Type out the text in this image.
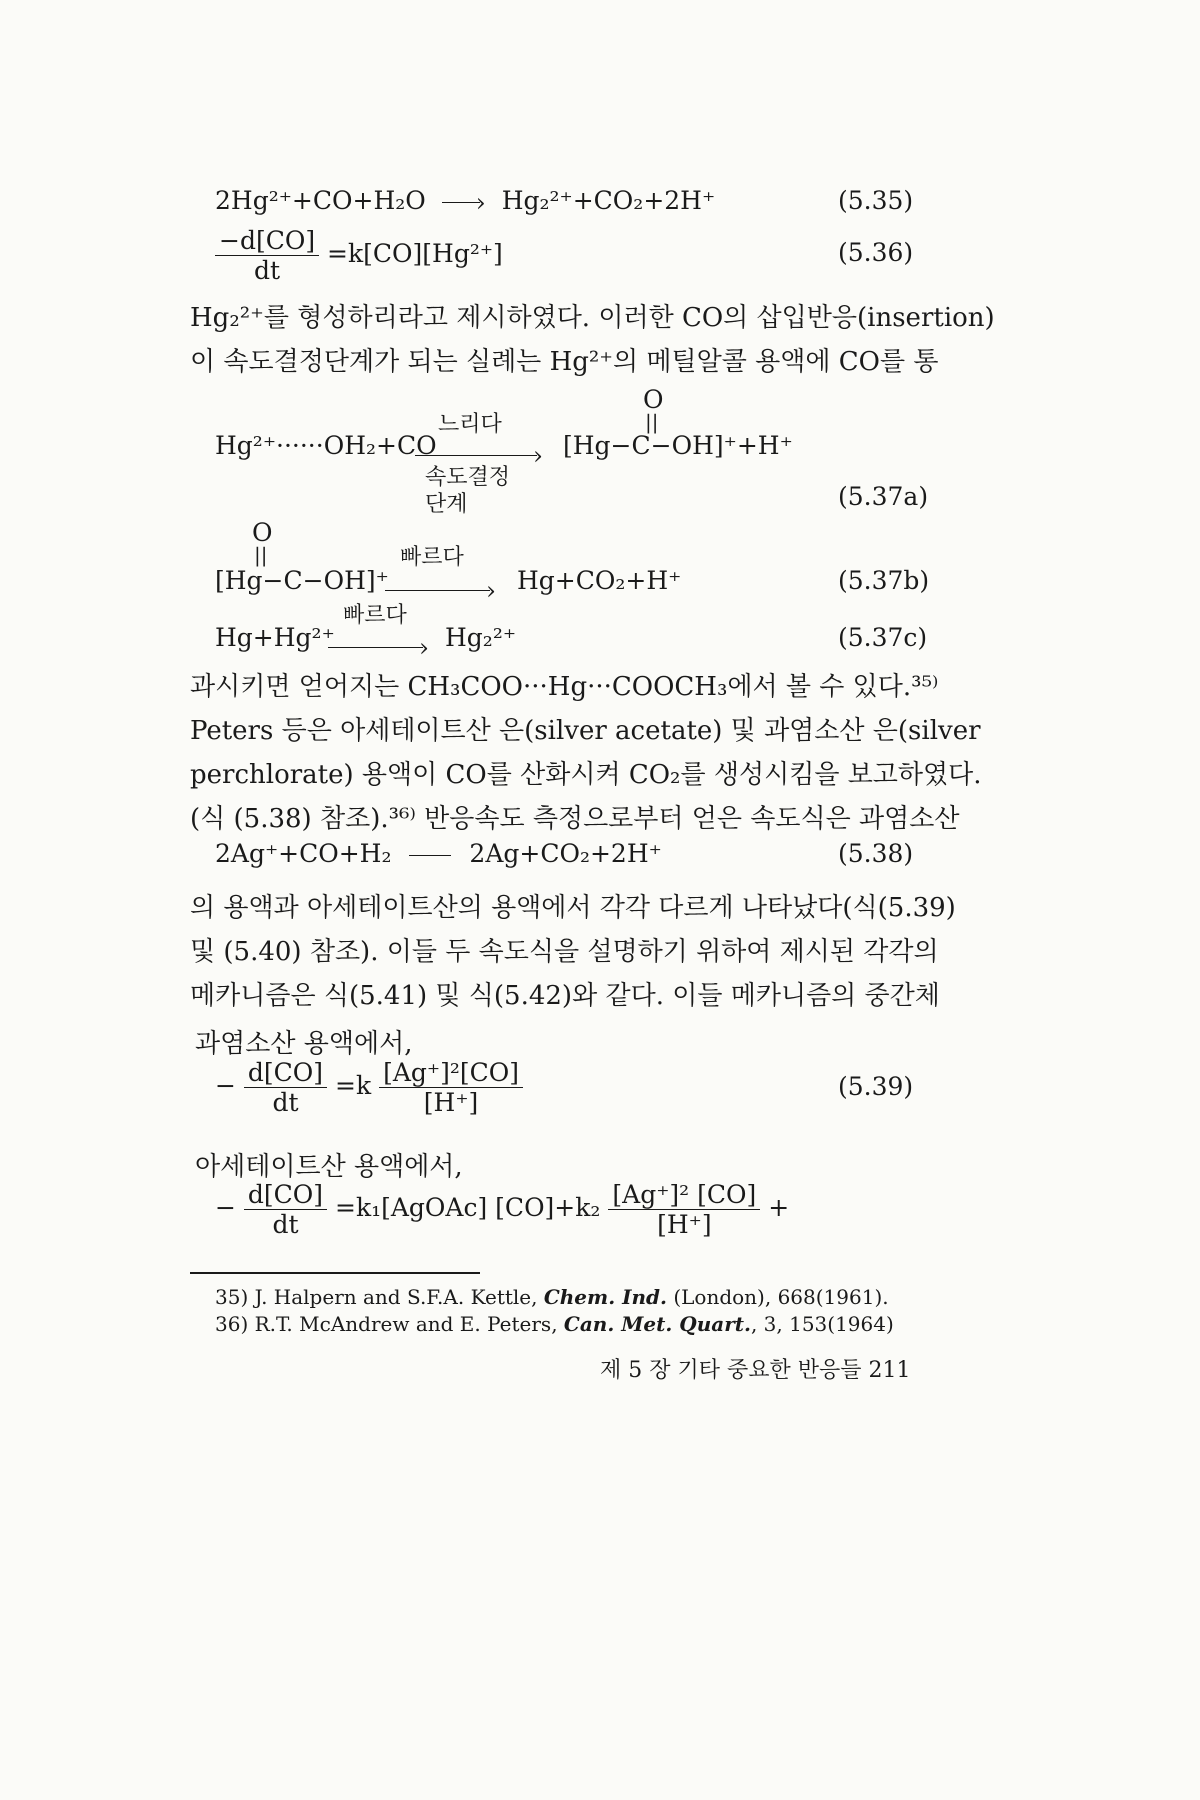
2Hg²⁺+CO+H₂O › Hg₂²⁺+CO₂+2H⁺	(5.35)
$\frac{-d[CO]}{dt} =k[CO][Hg^{2+}]$	(5.36)
Hg₂²⁺를 형성하리라고 제시하였다. 이러한 CO의 삽입반응(insertion)
이 속도결정단계가 되는 실례는 Hg²⁺의 메틸알콜 용액에 CO를 통
O
||
느리다
Hg²⁺······OH₂+CO	› [Hg−C−OH]⁺+H⁺
속도결정
단계	(5.37a)
O
||	빠르다
[Hg−C−OH]⁺	› Hg+CO₂+H⁺	(5.37b)
빠르다
Hg+Hg²⁺	› Hg₂²⁺	(5.37c)
과시키면 얻어지는 CH₃COO···Hg···COOCH₃에서 볼 수 있다.³⁵⁾
Peters 등은 아세테이트산 은(silver acetate) 및 과염소산 은(silver
perchlorate) 용액이 CO를 산화시켜 CO₂를 생성시킴을 보고하였다.
(식 (5.38) 참조).³⁶⁾ 반응속도 측정으로부터 얻은 속도식은 과염소산
2Ag⁺+CO+H₂	2Ag+CO₂+2H⁺	(5.38)
의 용액과 아세테이트산의 용액에서 각각 다르게 나타났다(식(5.39)
및 (5.40) 참조). 이들 두 속도식을 설명하기 위하여 제시된 각각의
메카니즘은 식(5.41) 및 식(5.42)와 같다. 이들 메카니즘의 중간체
과염소산 용액에서,
− $\frac{d[CO]}{dt} =k \frac{\text{[Ag⁺]²[CO]}}{[H^+]}$	(5.39)
아세테이트산 용액에서,
− $\frac{d[CO]}{dt}$ =k₁[AgOAc] $[CO]+k_2 \frac{\text{[Ag⁺]² [CO]}}{[H^+]}$ +
35) J. Halpern and S.F.A. Kettle, Chem. Ind. (London), 668(1961).
36) R.T. McAndrew and E. Peters, Can. Met. Quart., 3, 153(1964)
제 5 장 기타 중요한 반응들 211
